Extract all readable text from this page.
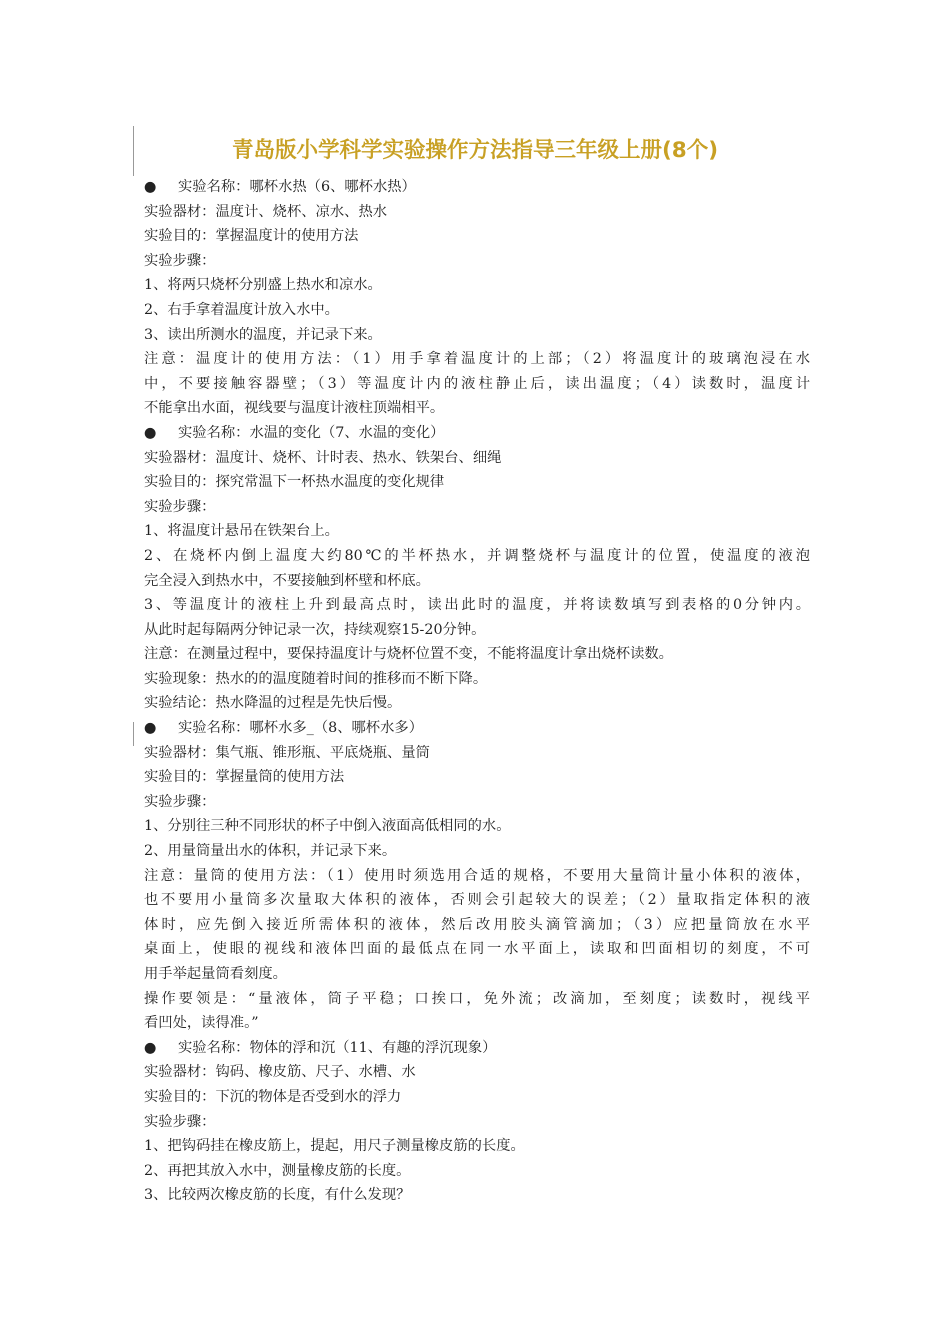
青岛版小学科学实验操作方法指导三年级上册(8个)
● 实验名称：哪杯水热（6、哪杯水热）
实验器材：温度计、烧杯、凉水、热水
实验目的：掌握温度计的使用方法
实验步骤：
1、将两只烧杯分别盛上热水和凉水。
2、右手拿着温度计放入水中。
3、读出所测水的温度，并记录下来。
注意：温度计的使用方法：（1）用手拿着温度计的上部；（2）将温度计的玻璃泡浸在水
中，不要接触容器壁；（3）等温度计内的液柱静止后，读出温度；（4）读数时，温度计
不能拿出水面，视线要与温度计液柱顶端相平。
● 实验名称：水温的变化（7、水温的变化）
实验器材：温度计、烧杯、计时表、热水、铁架台、细绳
实验目的：探究常温下一杯热水温度的变化规律
实验步骤：
1、将温度计悬吊在铁架台上。
2、在烧杯内倒上温度大约80℃的半杯热水，并调整烧杯与温度计的位置，使温度的液泡
完全浸入到热水中，不要接触到杯壁和杯底。
3、等温度计的液柱上升到最高点时，读出此时的温度，并将读数填写到表格的0分钟内。
从此时起每隔两分钟记录一次，持续观察15-20分钟。
注意：在测量过程中，要保持温度计与烧杯位置不变，不能将温度计拿出烧杯读数。
实验现象：热水的的温度随着时间的推移而不断下降。
实验结论：热水降温的过程是先快后慢。
● 实验名称：哪杯水多_（8、哪杯水多）
实验器材：集气瓶、锥形瓶、平底烧瓶、量筒
实验目的：掌握量筒的使用方法
实验步骤：
1、分别往三种不同形状的杯子中倒入液面高低相同的水。
2、用量筒量出水的体积，并记录下来。
注意：量筒的使用方法：（1）使用时须选用合适的规格，不要用大量筒计量小体积的液体，
也不要用小量筒多次量取大体积的液体，否则会引起较大的误差；（2）量取指定体积的液
体时，应先倒入接近所需体积的液体，然后改用胶头滴管滴加；（3）应把量筒放在水平
桌面上，使眼的视线和液体凹面的最低点在同一水平面上，读取和凹面相切的刻度，不可
用手举起量筒看刻度。
操作要领是：“量液体，筒子平稳；口挨口，免外流；改滴加，至刻度；读数时，视线平
看凹处，读得准。”
● 实验名称：物体的浮和沉（11、有趣的浮沉现象）
实验器材：钩码、橡皮筋、尺子、水槽、水
实验目的：下沉的物体是否受到水的浮力
实验步骤：
1、把钩码挂在橡皮筋上，提起，用尺子测量橡皮筋的长度。
2、再把其放入水中，测量橡皮筋的长度。
3、比较两次橡皮筋的长度，有什么发现？
